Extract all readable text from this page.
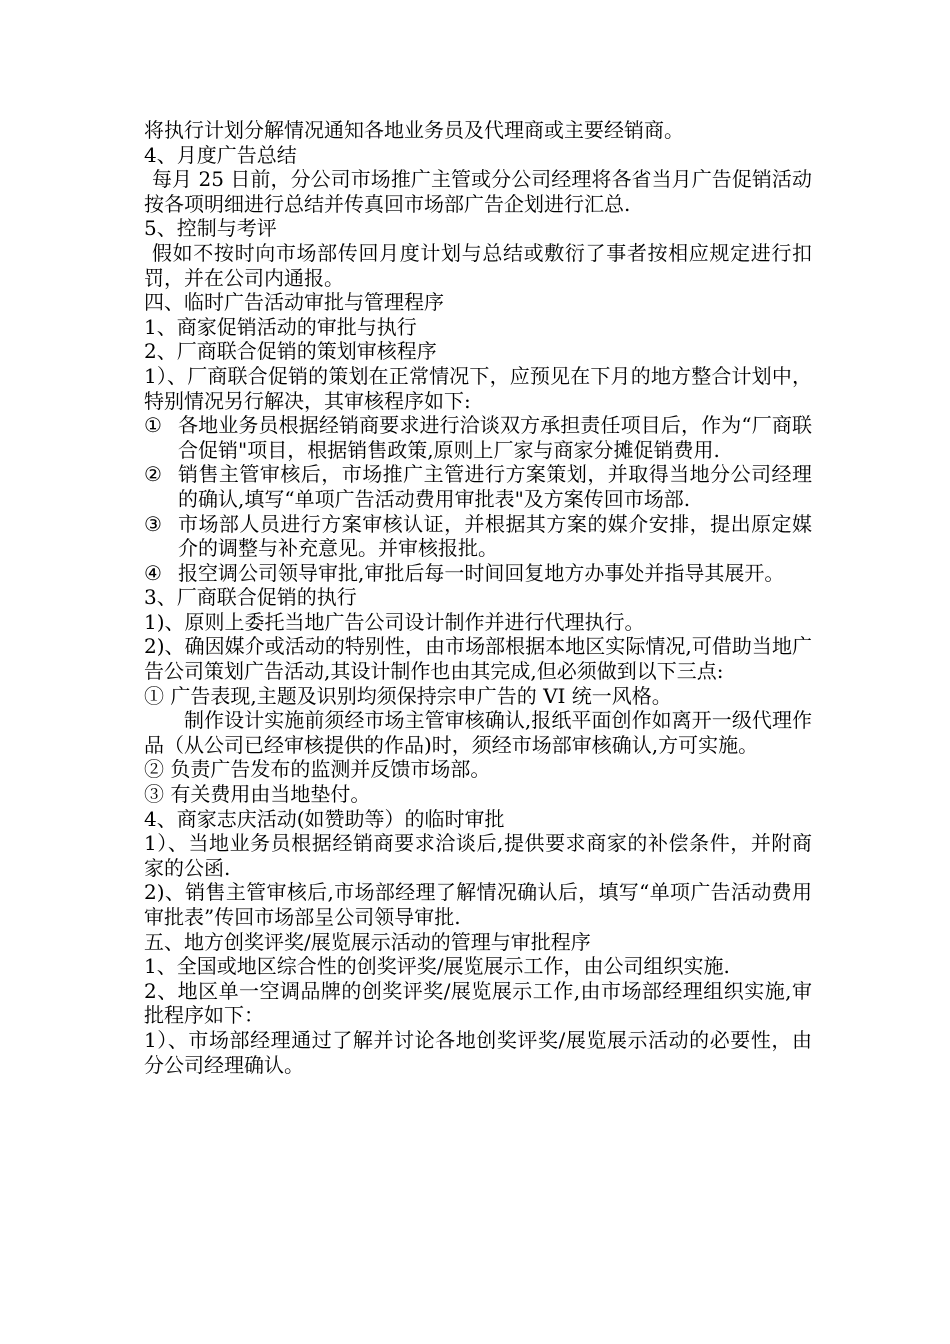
将执行计划分解情况通知各地业务员及代理商或主要经销商。

4、月度广告总结

每月 25 日前，分公司市场推广主管或分公司经理将各省当月广告促销活动按各项明细进行总结并传真回市场部广告企划进行汇总.

5、控制与考评

假如不按时向市场部传回月度计划与总结或敷衍了事者按相应规定进行扣罚，并在公司内通报。

四、临时广告活动审批与管理程序

1、商家促销活动的审批与执行

2、厂商联合促销的策划审核程序

1）、厂商联合促销的策划在正常情况下，应预见在下月的地方整合计划中，特别情况另行解决，其审核程序如下:

① 各地业务员根据经销商要求进行洽谈双方承担责任项目后，作为“厂商联合促销"项目，根据销售政策,原则上厂家与商家分摊促销费用.
② 销售主管审核后，市场推广主管进行方案策划，并取得当地分公司经理的确认,填写“单项广告活动费用审批表"及方案传回市场部.
③ 市场部人员进行方案审核认证，并根据其方案的媒介安排，提出原定媒介的调整与补充意见。并审核报批。
④ 报空调公司领导审批,审批后每一时间回复地方办事处并指导其展开。

3、厂商联合促销的执行

1)、原则上委托当地广告公司设计制作并进行代理执行。

2)、确因媒介或活动的特别性，由市场部根据本地区实际情况,可借助当地广告公司策划广告活动,其设计制作也由其完成,但必须做到以下三点:

① 广告表现,主题及识别均须保持宗申广告的 VI 统一风格。

制作设计实施前须经市场主管审核确认,报纸平面创作如离开一级代理作品（从公司已经审核提供的作品)时，须经市场部审核确认,方可实施。

② 负责广告发布的监测并反馈市场部。

③ 有关费用由当地垫付。

4、商家志庆活动(如赞助等）的临时审批

1）、当地业务员根据经销商要求洽谈后,提供要求商家的补偿条件，并附商家的公函.

2)、销售主管审核后,市场部经理了解情况确认后，填写“单项广告活动费用审批表”传回市场部呈公司领导审批.

五、地方创奖评奖/展览展示活动的管理与审批程序

1、全国或地区综合性的创奖评奖/展览展示工作，由公司组织实施.

2、地区单一空调品牌的创奖评奖/展览展示工作,由市场部经理组织实施,审批程序如下：

1）、市场部经理通过了解并讨论各地创奖评奖/展览展示活动的必要性，由分公司经理确认。
